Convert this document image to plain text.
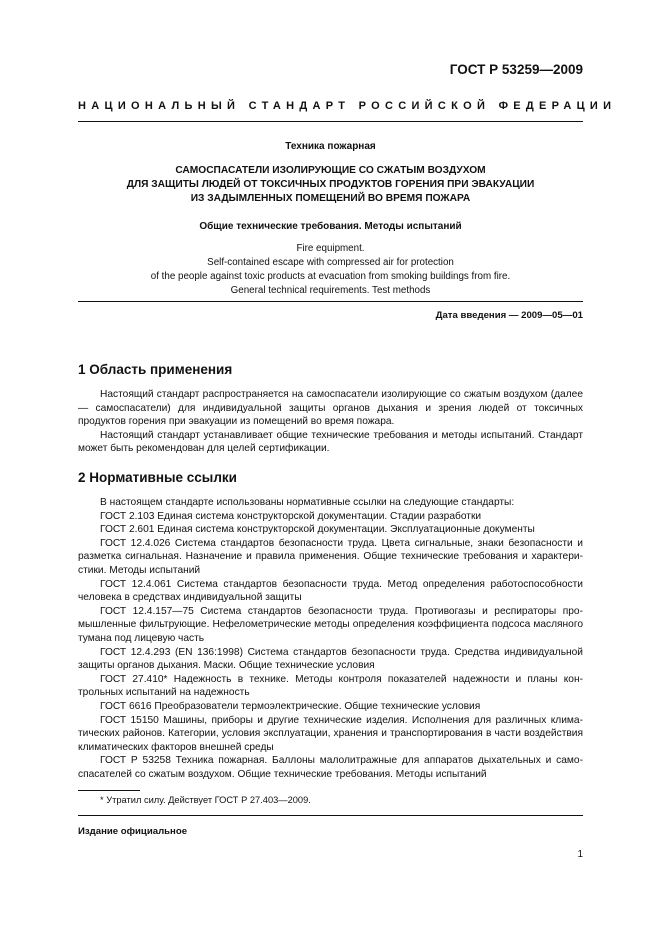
ГОСТ Р 53259—2009
НАЦИОНАЛЬНЫЙ СТАНДАРТ РОССИЙСКОЙ ФЕДЕРАЦИИ
Техника пожарная
САМОСПАСАТЕЛИ ИЗОЛИРУЮЩИЕ СО СЖАТЫМ ВОЗДУХОМ
ДЛЯ ЗАЩИТЫ ЛЮДЕЙ ОТ ТОКСИЧНЫХ ПРОДУКТОВ ГОРЕНИЯ ПРИ ЭВАКУАЦИИ
ИЗ ЗАДЫМЛЕННЫХ ПОМЕЩЕНИЙ ВО ВРЕМЯ ПОЖАРА
Общие технические требования. Методы испытаний
Fire equipment.
Self-contained escape with compressed air for protection
of the people against toxic products at evacuation from smoking buildings from fire.
General technical requirements. Test methods
Дата введения — 2009—05—01
1 Область применения

Настоящий стандарт распространяется на самоспасатели изолирующие со сжатым воздухом (далее — самоспасатели) для индивидуальной защиты органов дыхания и зрения людей от токсичных продуктов горения при эвакуации из помещений во время пожара.

Настоящий стандарт устанавливает общие технические требования и методы испытаний. Стандарт может быть рекомендован для целей сертификации.

2 Нормативные ссылки

В настоящем стандарте использованы нормативные ссылки на следующие стандарты:

ГОСТ 2.103 Единая система конструкторской документации. Стадии разработки

ГОСТ 2.601 Единая система конструкторской документации. Эксплуатационные документы

ГОСТ 12.4.026 Система стандартов безопасности труда. Цвета сигнальные, знаки безопасности и разметка сигнальная. Назначение и правила применения. Общие технические требования и характеристики. Методы испытаний

ГОСТ 12.4.061 Система стандартов безопасности труда. Метод определения работоспособности человека в средствах индивидуальной защиты

ГОСТ 12.4.157—75 Система стандартов безопасности труда. Противогазы и респираторы промышленные фильтрующие. Нефелометрические методы определения коэффициента подсоса масляного тумана под лицевую часть

ГОСТ 12.4.293 (EN 136:1998) Система стандартов безопасности труда. Средства индивидуальной защиты органов дыхания. Маски. Общие технические условия

ГОСТ 27.410* Надежность в технике. Методы контроля показателей надежности и планы контрольных испытаний на надежность

ГОСТ 6616 Преобразователи термоэлектрические. Общие технические условия

ГОСТ 15150 Машины, приборы и другие технические изделия. Исполнения для различных климатических районов. Категории, условия эксплуатации, хранения и транспортирования в части воздействия климатических факторов внешней среды

ГОСТ Р 53258 Техника пожарная. Баллоны малолитражные для аппаратов дыхательных и самоспасателей со сжатым воздухом. Общие технические требования. Методы испытаний

* Утратил силу. Действует ГОСТ Р 27.403—2009.
Издание официальное
1
